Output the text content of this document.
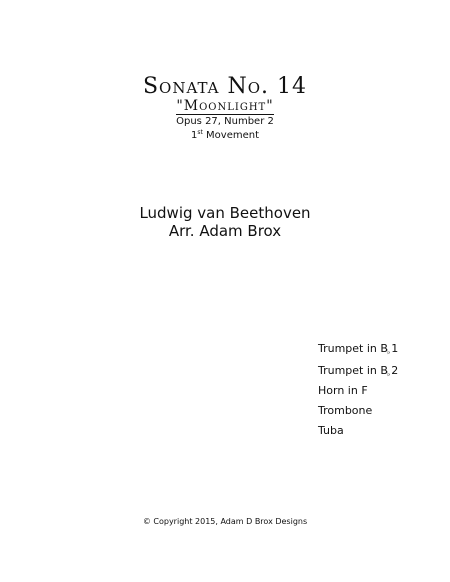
Sonata No. 14
"Moonlight"
Opus 27, Number 2
1st Movement
Ludwig van Beethoven
Arr. Adam Brox
Trumpet in B♭1
Trumpet in B♭2
Horn in F
Trombone
Tuba
© Copyright 2015, Adam D Brox Designs
